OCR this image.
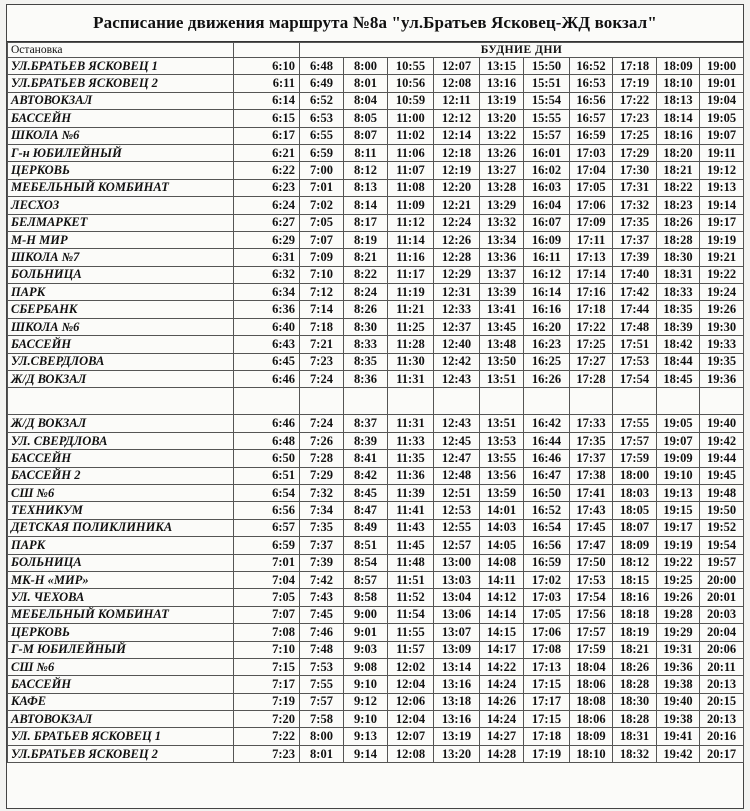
Расписание движения маршрута №8а "ул.Братьев Ясковец-ЖД вокзал"
Остановка		БУДНИЕ ДНИ									
УЛ.БРАТЬЕВ ЯСКОВЕЦ 1	6:10	6:48	8:00	10:55	12:07	13:15	15:50	16:52	17:18	18:09	19:00
УЛ.БРАТЬЕВ ЯСКОВЕЦ 2	6:11	6:49	8:01	10:56	12:08	13:16	15:51	16:53	17:19	18:10	19:01
АВТОВОКЗАЛ	6:14	6:52	8:04	10:59	12:11	13:19	15:54	16:56	17:22	18:13	19:04
БАССЕЙН	6:15	6:53	8:05	11:00	12:12	13:20	15:55	16:57	17:23	18:14	19:05
ШКОЛА №6	6:17	6:55	8:07	11:02	12:14	13:22	15:57	16:59	17:25	18:16	19:07
Г-н ЮБИЛЕЙНЫЙ	6:21	6:59	8:11	11:06	12:18	13:26	16:01	17:03	17:29	18:20	19:11
ЦЕРКОВЬ	6:22	7:00	8:12	11:07	12:19	13:27	16:02	17:04	17:30	18:21	19:12
МЕБЕЛЬНЫЙ КОМБИНАТ	6:23	7:01	8:13	11:08	12:20	13:28	16:03	17:05	17:31	18:22	19:13
ЛЕСХОЗ	6:24	7:02	8:14	11:09	12:21	13:29	16:04	17:06	17:32	18:23	19:14
БЕЛМАРКЕТ	6:27	7:05	8:17	11:12	12:24	13:32	16:07	17:09	17:35	18:26	19:17
М-Н МИР	6:29	7:07	8:19	11:14	12:26	13:34	16:09	17:11	17:37	18:28	19:19
ШКОЛА №7	6:31	7:09	8:21	11:16	12:28	13:36	16:11	17:13	17:39	18:30	19:21
БОЛЬНИЦА	6:32	7:10	8:22	11:17	12:29	13:37	16:12	17:14	17:40	18:31	19:22
ПАРК	6:34	7:12	8:24	11:19	12:31	13:39	16:14	17:16	17:42	18:33	19:24
СБЕРБАНК	6:36	7:14	8:26	11:21	12:33	13:41	16:16	17:18	17:44	18:35	19:26
ШКОЛА №6	6:40	7:18	8:30	11:25	12:37	13:45	16:20	17:22	17:48	18:39	19:30
БАССЕЙН	6:43	7:21	8:33	11:28	12:40	13:48	16:23	17:25	17:51	18:42	19:33
УЛ.СВЕРДЛОВА	6:45	7:23	8:35	11:30	12:42	13:50	16:25	17:27	17:53	18:44	19:35
Ж/Д ВОКЗАЛ	6:46	7:24	8:36	11:31	12:43	13:51	16:26	17:28	17:54	18:45	19:36

Ж/Д ВОКЗАЛ	6:46	7:24	8:37	11:31	12:43	13:51	16:42	17:33	17:55	19:05	19:40
УЛ. СВЕРДЛОВА	6:48	7:26	8:39	11:33	12:45	13:53	16:44	17:35	17:57	19:07	19:42
БАССЕЙН	6:50	7:28	8:41	11:35	12:47	13:55	16:46	17:37	17:59	19:09	19:44
БАССЕЙН 2	6:51	7:29	8:42	11:36	12:48	13:56	16:47	17:38	18:00	19:10	19:45
СШ №6	6:54	7:32	8:45	11:39	12:51	13:59	16:50	17:41	18:03	19:13	19:48
ТЕХНИКУМ	6:56	7:34	8:47	11:41	12:53	14:01	16:52	17:43	18:05	19:15	19:50
ДЕТСКАЯ ПОЛИКЛИНИКА	6:57	7:35	8:49	11:43	12:55	14:03	16:54	17:45	18:07	19:17	19:52
ПАРК	6:59	7:37	8:51	11:45	12:57	14:05	16:56	17:47	18:09	19:19	19:54
БОЛЬНИЦА	7:01	7:39	8:54	11:48	13:00	14:08	16:59	17:50	18:12	19:22	19:57
МК-Н «МИР»	7:04	7:42	8:57	11:51	13:03	14:11	17:02	17:53	18:15	19:25	20:00
УЛ. ЧЕХОВА	7:05	7:43	8:58	11:52	13:04	14:12	17:03	17:54	18:16	19:26	20:01
МЕБЕЛЬНЫЙ КОМБИНАТ	7:07	7:45	9:00	11:54	13:06	14:14	17:05	17:56	18:18	19:28	20:03
ЦЕРКОВЬ	7:08	7:46	9:01	11:55	13:07	14:15	17:06	17:57	18:19	19:29	20:04
Г-М ЮБИЛЕЙНЫЙ	7:10	7:48	9:03	11:57	13:09	14:17	17:08	17:59	18:21	19:31	20:06
СШ №6	7:15	7:53	9:08	12:02	13:14	14:22	17:13	18:04	18:26	19:36	20:11
БАССЕЙН	7:17	7:55	9:10	12:04	13:16	14:24	17:15	18:06	18:28	19:38	20:13
КАФЕ	7:19	7:57	9:12	12:06	13:18	14:26	17:17	18:08	18:30	19:40	20:15
АВТОВОКЗАЛ	7:20	7:58	9:10	12:04	13:16	14:24	17:15	18:06	18:28	19:38	20:13
УЛ. БРАТЬЕВ ЯСКОВЕЦ 1	7:22	8:00	9:13	12:07	13:19	14:27	17:18	18:09	18:31	19:41	20:16
УЛ.БРАТЬЕВ ЯСКОВЕЦ 2	7:23	8:01	9:14	12:08	13:20	14:28	17:19	18:10	18:32	19:42	20:17
